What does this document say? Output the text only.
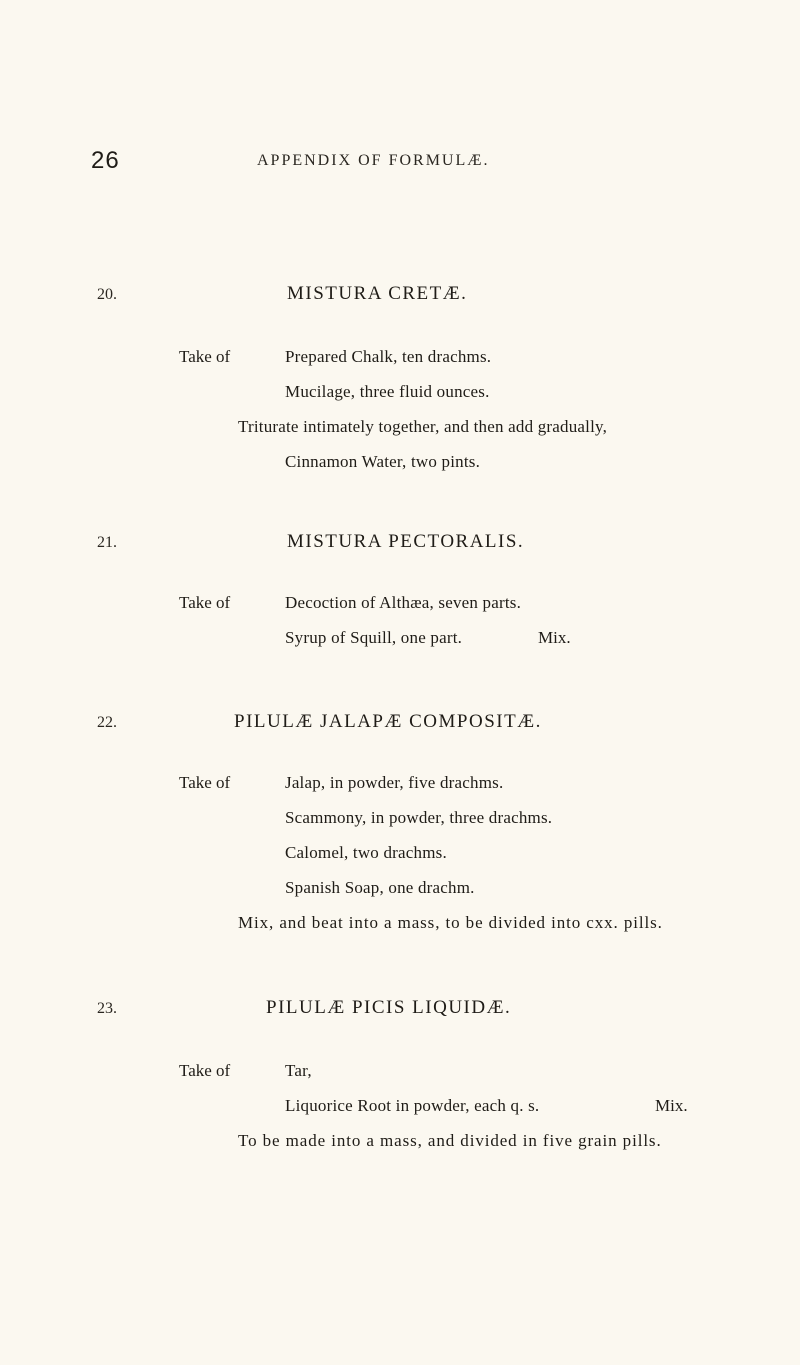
26	APPENDIX OF FORMULÆ.
20.	MISTURA CRETÆ.
Take of	Prepared Chalk, ten drachms.
Mucilage, three fluid ounces.
Triturate intimately together, and then add gradually,
Cinnamon Water, two pints.
21.	MISTURA PECTORALIS.
Take of	Decoction of Althæa, seven parts.
Syrup of Squill, one part.	Mix.
22.	PILULÆ JALAPÆ COMPOSITÆ.
Take of	Jalap, in powder, five drachms.
Scammony, in powder, three drachms.
Calomel, two drachms.
Spanish Soap, one drachm.
Mix, and beat into a mass, to be divided into cxx. pills.
23.	PILULÆ PICIS LIQUIDÆ.
Take of	Tar,
Liquorice Root in powder, each q. s.	Mix.
To be made into a mass, and divided in five grain pills.
